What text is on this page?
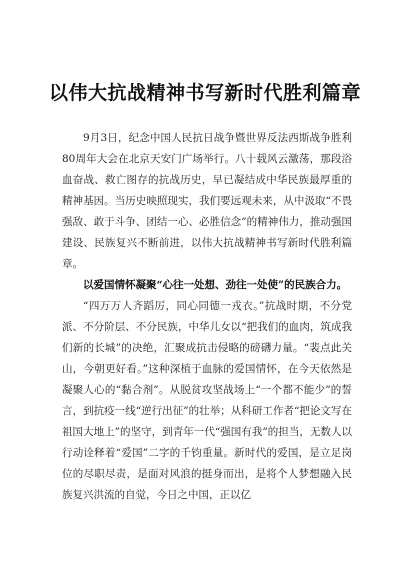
以伟大抗战精神书写新时代胜利篇章

9月3日，纪念中国人民抗日战争暨世界反法西斯战争胜利80周年大会在北京天安门广场举行。八十载风云激荡，那段浴血奋战、救亡图存的抗战历史，早已凝结成中华民族最厚重的精神基因。当历史映照现实，我们要远观未来，从中汲取“不畏强敌、敢于斗争、团结一心、必胜信念”的精神伟力，推动强国建设、民族复兴不断前进，以伟大抗战精神书写新时代胜利篇章。

以爱国情怀凝聚“心往一处想、劲往一处使”的民族合力。

“四万万人齐蹈厉，同心同德一戎衣。”抗战时期，不分党派、不分阶层、不分民族，中华儿女以“把我们的血肉，筑成我们新的长城”的决绝，汇聚成抗击侵略的磅礴力量。“裴点此关山，今朝更好看。”这种深植于血脉的爱国情怀，在今天依然是凝聚人心的“黏合剂”。从脱贫攻坚战场上“一个都不能少”的誓言，到抗疫一线“逆行出征”的壮举；从科研工作者“把论文写在祖国大地上”的坚守，到青年一代“强国有我”的担当，无数人以行动诠释着“爱国”二字的千钧重量。新时代的爱国，是立足岗位的尽职尽责，是面对风浪的挺身而出，是将个人梦想融入民族复兴洪流的自觉，今日之中国，正以亿
